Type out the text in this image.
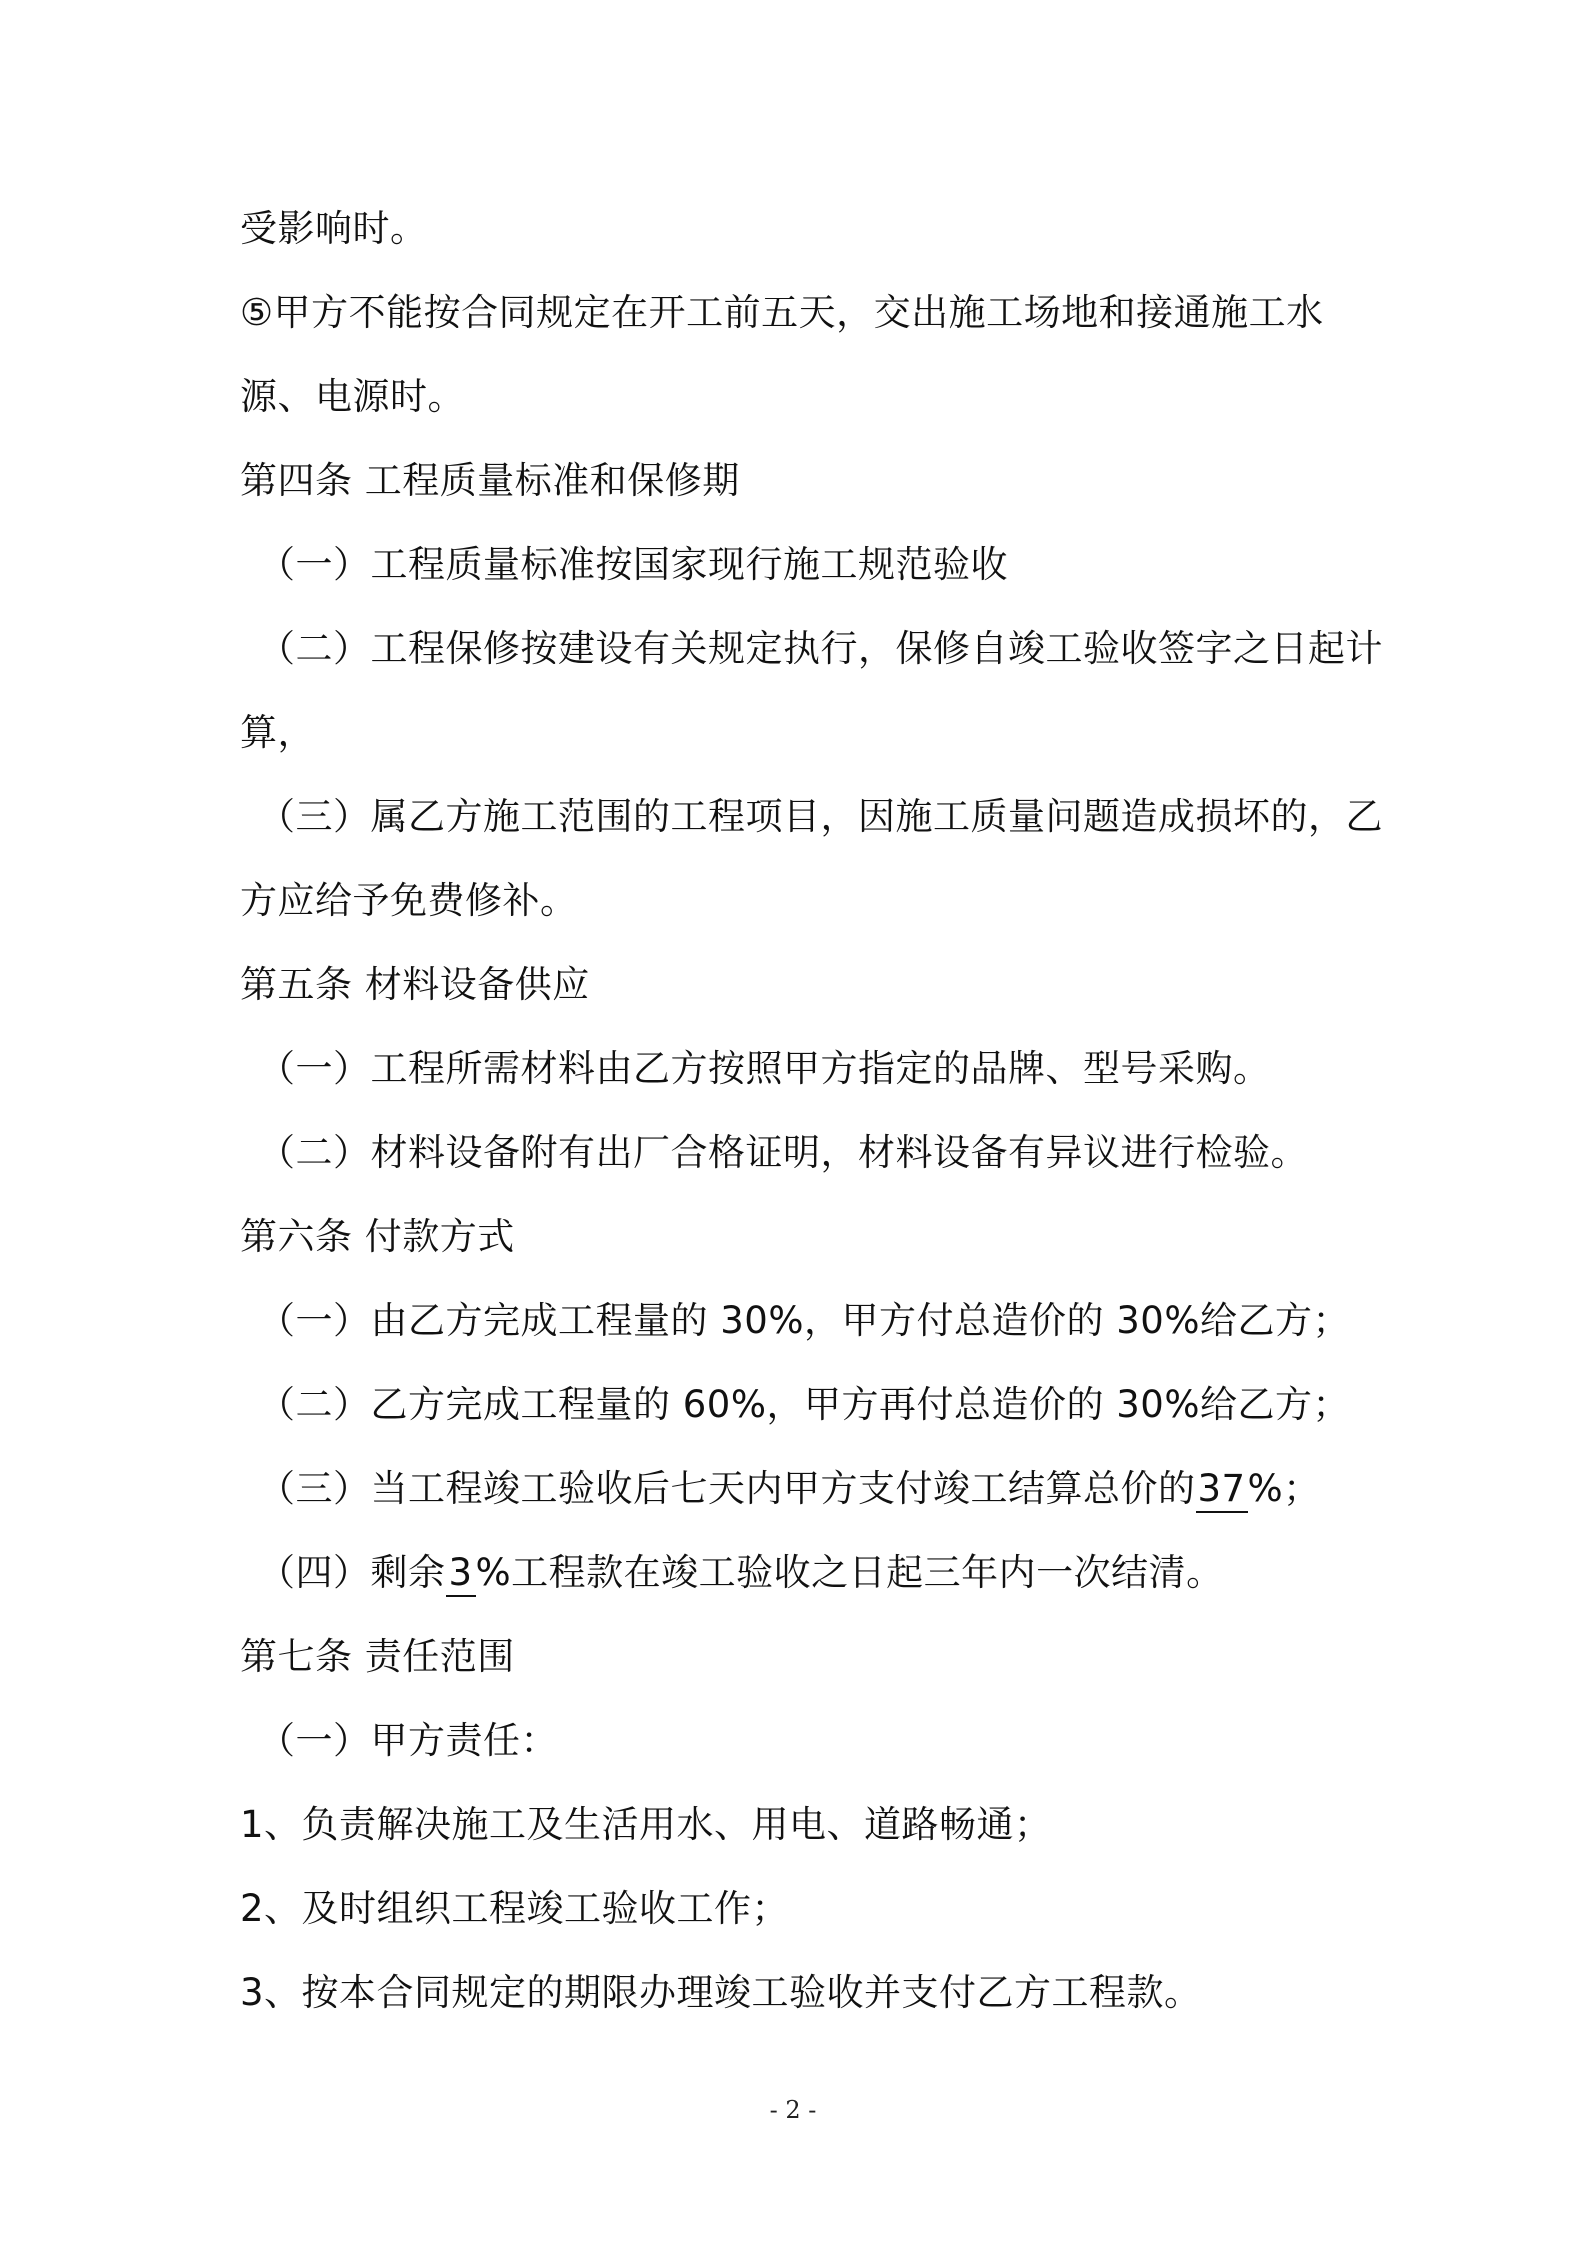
受影响时。
⑤甲方不能按合同规定在开工前五天，交出施工场地和接通施工水
源、电源时。
第四条 工程质量标准和保修期
（一）工程质量标准按国家现行施工规范验收
（二）工程保修按建设有关规定执行，保修自竣工验收签字之日起计
算，
（三）属乙方施工范围的工程项目，因施工质量问题造成损坏的，乙
方应给予免费修补。
第五条 材料设备供应
（一）工程所需材料由乙方按照甲方指定的品牌、型号采购。
（二）材料设备附有出厂合格证明，材料设备有异议进行检验。
第六条 付款方式
（一）由乙方完成工程量的 30%，甲方付总造价的 30%给乙方；
（二）乙方完成工程量的 60%，甲方再付总造价的 30%给乙方；
（三）当工程竣工验收后七天内甲方支付竣工结算总价的37%；
（四）剩余3%工程款在竣工验收之日起三年内一次结清。
第七条 责任范围
（一）甲方责任：
1、负责解决施工及生活用水、用电、道路畅通；
2、及时组织工程竣工验收工作；
3、按本合同规定的期限办理竣工验收并支付乙方工程款。
- 2 -
